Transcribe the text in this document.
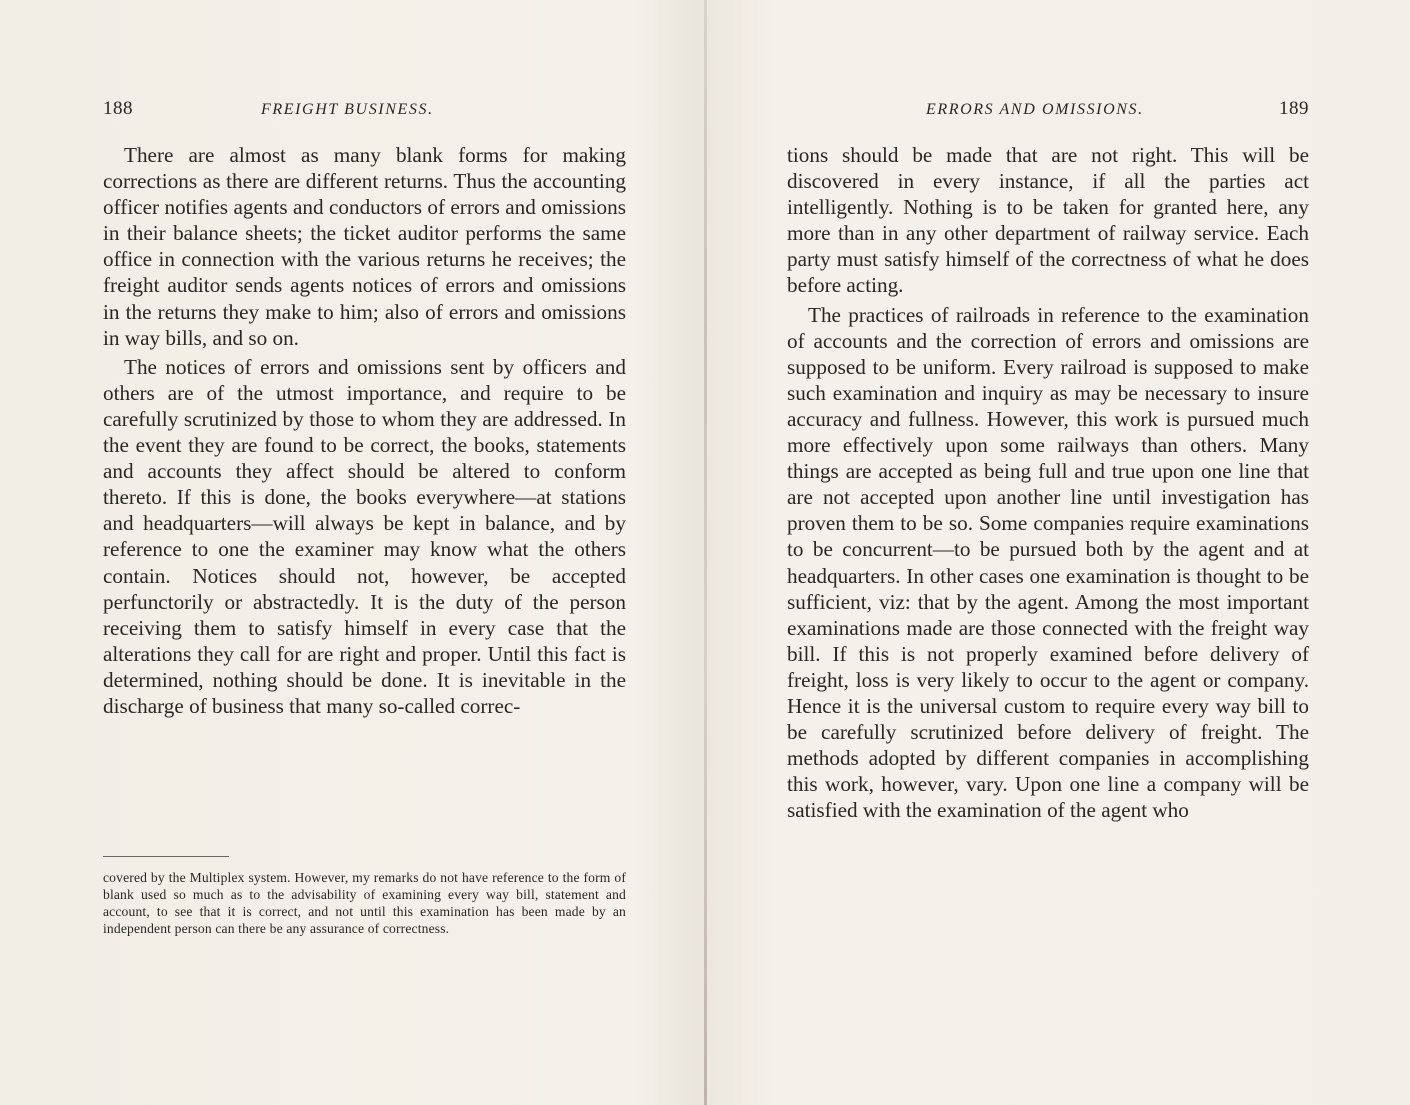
188	FREIGHT BUSINESS.

There are almost as many blank forms for making corrections as there are different returns. Thus the accounting officer notifies agents and conductors of errors and omissions in their balance sheets; the ticket auditor performs the same office in connection with the various returns he receives; the freight auditor sends agents notices of errors and omissions in the returns they make to him; also of errors and omissions in way bills, and so on.

The notices of errors and omissions sent by officers and others are of the utmost importance, and require to be carefully scrutinized by those to whom they are addressed. In the event they are found to be correct, the books, statements and accounts they affect should be altered to conform thereto. If this is done, the books everywhere—at stations and headquarters—will always be kept in balance, and by reference to one the examiner may know what the others contain. Notices should not, however, be accepted perfunctorily or abstractedly. It is the duty of the person receiving them to satisfy himself in every case that the alterations they call for are right and proper. Until this fact is determined, nothing should be done. It is inevitable in the discharge of business that many so-called correc-

covered by the Multiplex system. However, my remarks do not have reference to the form of blank used so much as to the advisability of examining every way bill, statement and account, to see that it is correct, and not until this examination has been made by an independent person can there be any assurance of correctness.

ERRORS AND OMISSIONS.	189

tions should be made that are not right. This will be discovered in every instance, if all the parties act intelligently. Nothing is to be taken for granted here, any more than in any other department of railway service. Each party must satisfy himself of the correctness of what he does before acting.

The practices of railroads in reference to the examination of accounts and the correction of errors and omissions are supposed to be uniform. Every railroad is supposed to make such examination and inquiry as may be necessary to insure accuracy and fullness. However, this work is pursued much more effectively upon some railways than others. Many things are accepted as being full and true upon one line that are not accepted upon another line until investigation has proven them to be so. Some companies require examinations to be concurrent—to be pursued both by the agent and at headquarters. In other cases one examination is thought to be sufficient, viz: that by the agent. Among the most important examinations made are those connected with the freight way bill. If this is not properly examined before delivery of freight, loss is very likely to occur to the agent or company. Hence it is the universal custom to require every way bill to be carefully scrutinized before delivery of freight. The methods adopted by different companies in accomplishing this work, however, vary. Upon one line a company will be satisfied with the examination of the agent who
